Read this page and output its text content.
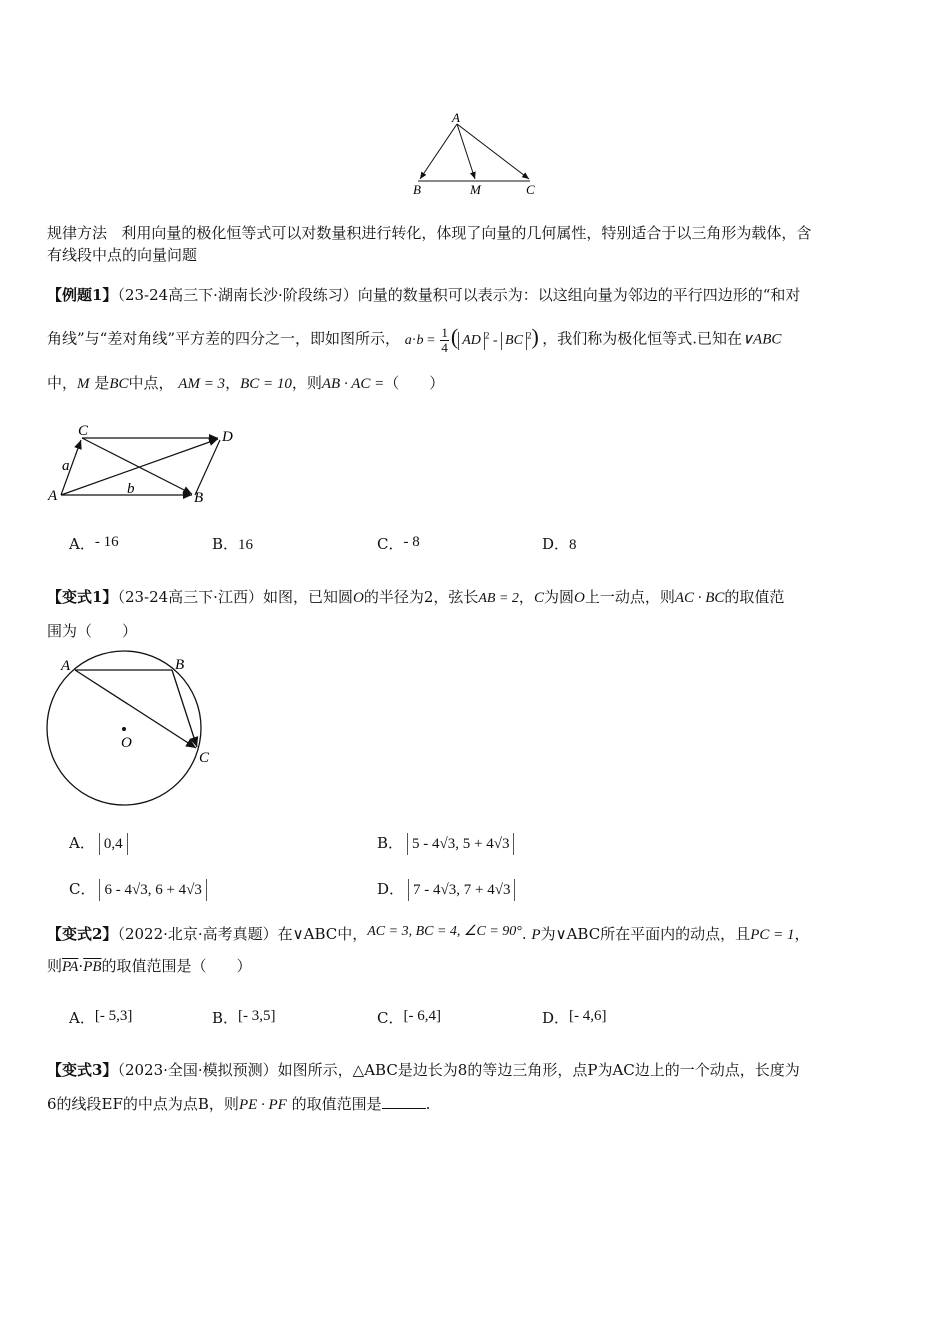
A
B	M	C
规律方法 利用向量的极化恒等式可以对数量积进行转化，体现了向量的几何属性，特别适合于以三角形为载体，含
有线段中点的向量问题
【例题1】（23-24高三下·湖南长沙·阶段练习）向量的数量积可以表示为：以这组向量为邻边的平行四边形的“和对
角线”与“差对角线”平方差的四分之一，即如图所示， $a\cdot b = \frac{1}{4}$ ( AD $^2$ - BC $^2$) ，我们称为极化恒等式.已知在∨ABC
中，M 是BC中点， AM = 3，BC = 10，则AB · AC =（　　）
C	D
A	B
a
b
A．- 16	B．16	C．- 8	D．8
【变式1】（23-24高三下·江西）如图，已知圆O的半径为2，弦长AB = 2，C为圆O上一动点，则AC · BC的取值范
围为（　　）
A	B
O
C
A． 0,4	B． 5 - 4√3, 5 + 4√3
C． 6 - 4√3, 6 + 4√3	D． 7 - 4√3, 7 + 4√3
【变式2】（2022·北京·高考真题）在∨ABC中，AC = 3, BC = 4, ∠C = 90°. P为∨ABC所在平面内的动点，且PC = 1，
则$\overline{PA}\cdot\overline{PB}$的取值范围是（　　）
A．[- 5,3]	B．[- 3,5]	C．[- 6,4]	D．[- 4,6]
【变式3】（2023·全国·模拟预测）如图所示，△ABC是边长为8的等边三角形，点P为AC边上的一个动点，长度为
6的线段EF的中点为点B，则PE · PF 的取值范围是	.
